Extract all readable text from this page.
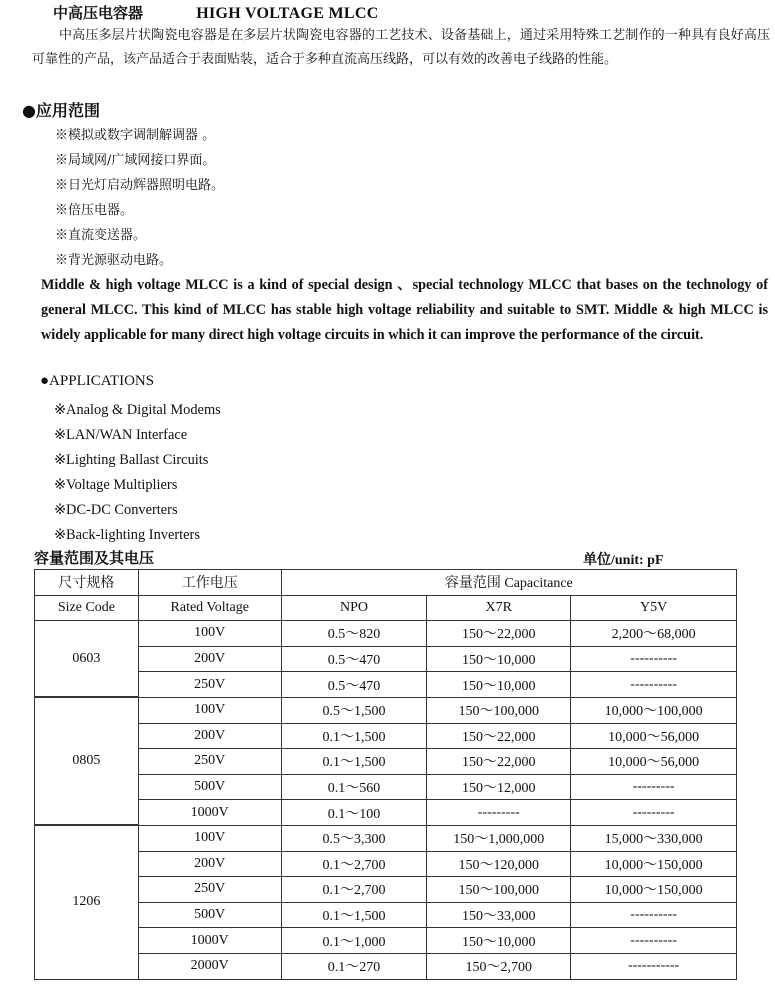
中高压电容器	HIGH VOLTAGE MLCC
中高压多层片状陶瓷电容器是在多层片状陶瓷电容器的工艺技术、设备基础上，通过采用特殊工艺制作的一种具有良好高压可靠性的产品，该产品适合于表面贴装，适合于多种直流高压线路，可以有效的改善电子线路的性能。
●应用范围
※模拟或数字调制解调器 。
※局域网/广域网接口界面。
※日光灯启动辉器照明电路。
※倍压电器。
※直流变送器。
※背光源驱动电路。
Middle & high voltage MLCC is a kind of special design 、special technology MLCC that bases on the technology of general MLCC. This kind of MLCC has stable high voltage reliability and suitable to SMT. Middle & high MLCC is widely applicable for many direct high voltage circuits in which it can improve the performance of the circuit.
●APPLICATIONS
※Analog & Digital Modems
※LAN/WAN Interface
※Lighting Ballast Circuits
※Voltage Multipliers
※DC-DC Converters
※Back-lighting Inverters
容量范围及其电压	单位/unit: pF
尺寸规格	工作电压	容量范围 Capacitance		
Size Code	Rated Voltage	NPO	X7R	Y5V
0603	100V	0.5～820	150～22,000	2,200～68,000
	200V	0.5～470	150～10,000	----------
	250V	0.5～470	150～10,000	----------
0805	100V	0.5～1,500	150～100,000	10,000～100,000
	200V	0.1～1,500	150～22,000	10,000～56,000
	250V	0.1～1,500	150～22,000	10,000～56,000
	500V	0.1～560	150～12,000	---------
	1000V	0.1～100	---------	---------
1206	100V	0.5～3,300	150～1,000,000	15,000～330,000
	200V	0.1～2,700	150～120,000	10,000～150,000
	250V	0.1～2,700	150～100,000	10,000～150,000
	500V	0.1～1,500	150～33,000	----------
	1000V	0.1～1,000	150～10,000	----------
	2000V	0.1～270	150～2,700	-----------
